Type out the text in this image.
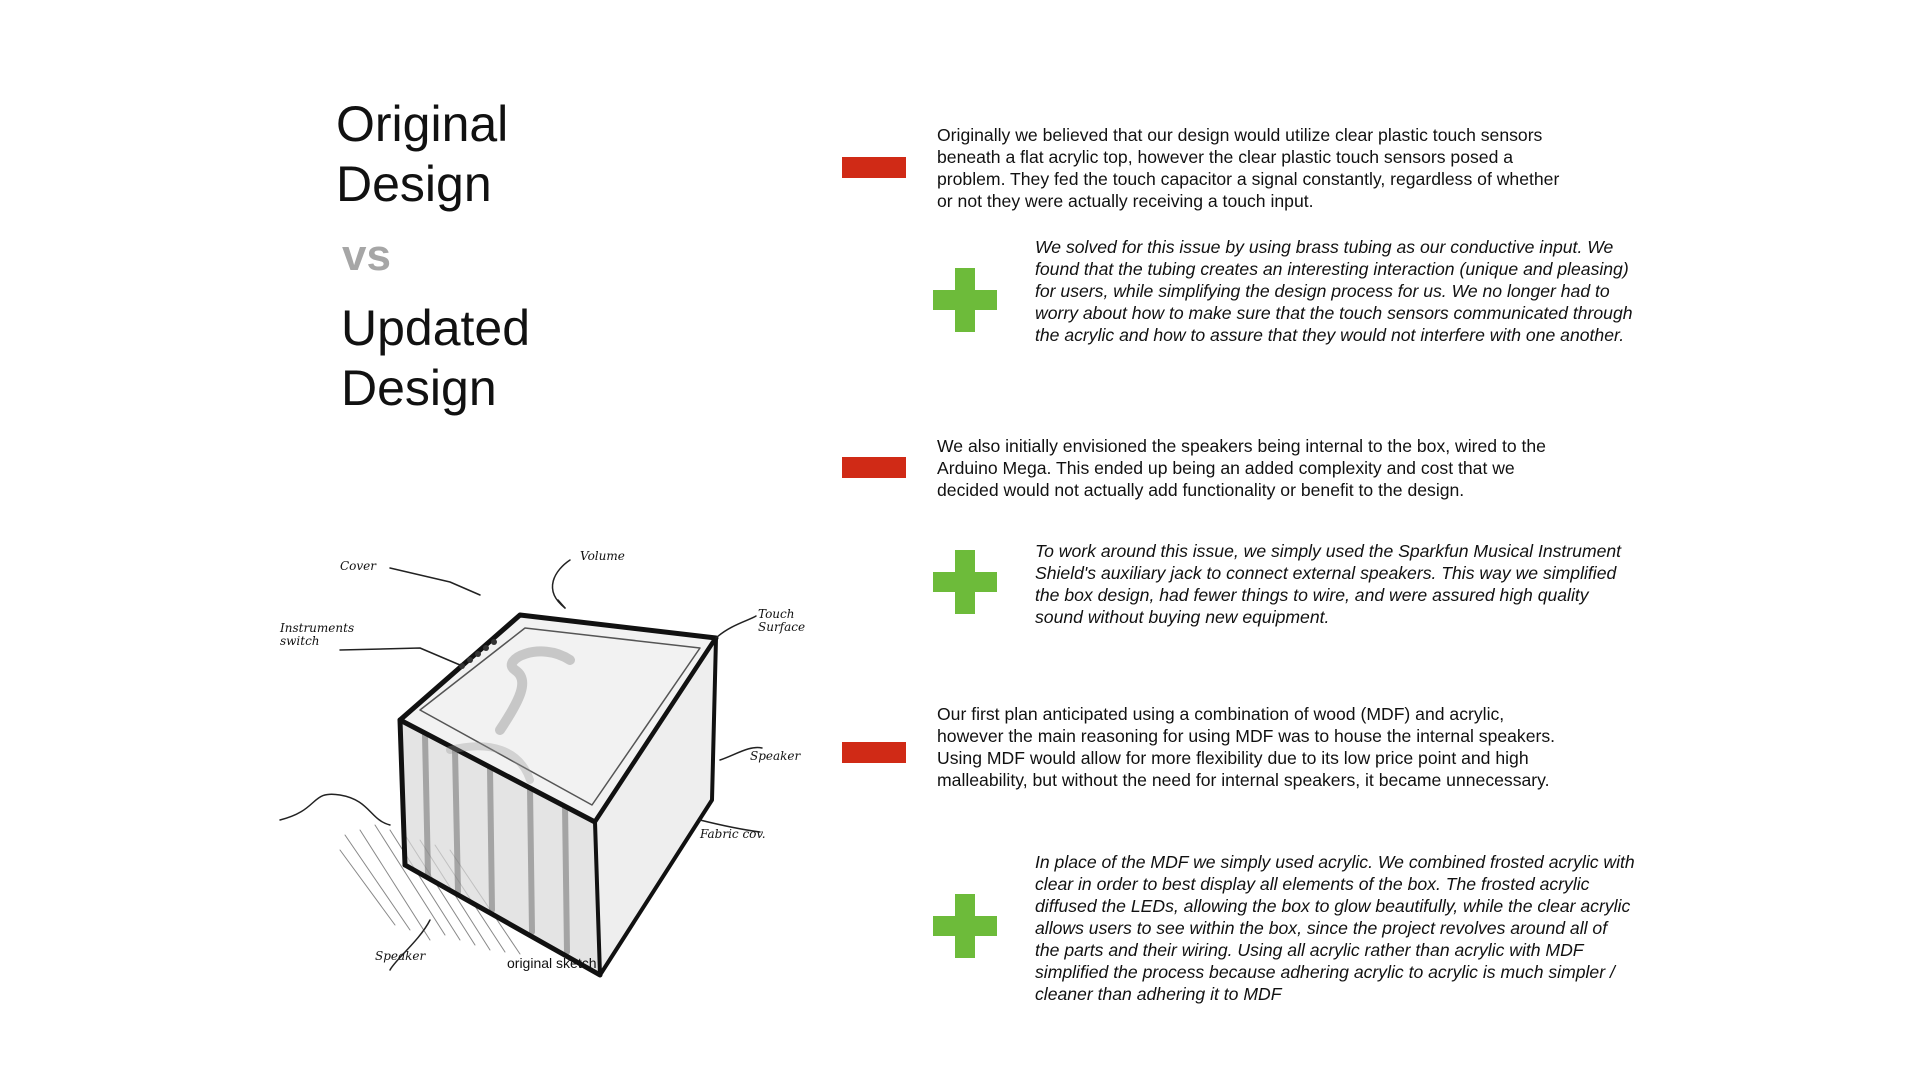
Original
Design
vs
Updated
Design
Volume
Cover
Instruments switch
Touch Surface
Speaker
Fabric cov.
Speaker	original sketch

Originally we believed that our design would utilize clear plastic touch sensors beneath a flat acrylic top, however the clear plastic touch sensors posed a problem. They fed the touch capacitor a signal constantly, regardless of whether or not they were actually receiving a touch input.

We solved for this issue by using brass tubing as our conductive input. We found that the tubing creates an interesting interaction (unique and pleasing) for users, while simplifying the design process for us. We no longer had to worry about how to make sure that the touch sensors communicated through the acrylic and how to assure that they would not interfere with one another.

We also initially envisioned the speakers being internal to the box, wired to the Arduino Mega. This ended up being an added complexity and cost that we decided would not actually add functionality or benefit to the design.

To work around this issue, we simply used the Sparkfun Musical Instrument Shield's auxiliary jack to connect external speakers. This way we simplified the box design, had fewer things to wire, and were assured high quality sound without buying new equipment.

Our first plan anticipated using a combination of wood (MDF) and acrylic, however the main reasoning for using MDF was to house the internal speakers. Using MDF would allow for more flexibility due to its low price point and high malleability, but without the need for internal speakers, it became unnecessary.

In place of the MDF we simply used acrylic. We combined frosted acrylic with clear in order to best display all elements of the box. The frosted acrylic diffused the LEDs, allowing the box to glow beautifully, while the clear acrylic allows users to see within the box, since the project revolves around all of the parts and their wiring. Using all acrylic rather than acrylic with MDF simplified the process because adhering acrylic to acrylic is much simpler / cleaner than adhering it to MDF
